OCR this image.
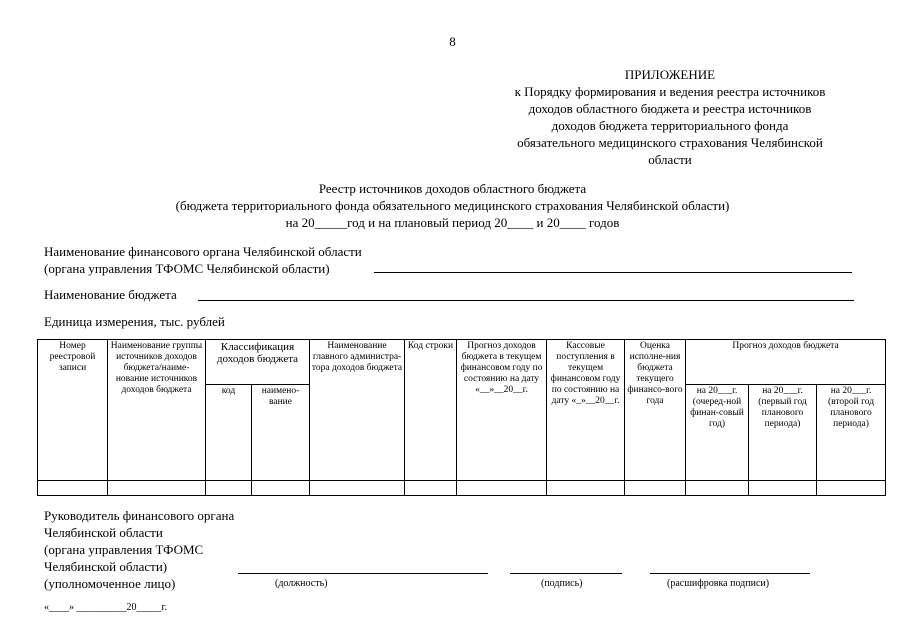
8
ПРИЛОЖЕНИЕ
к Порядку формирования и ведения реестра источников
доходов областного бюджета и реестра источников
доходов бюджета территориального фонда
обязательного медицинского страхования Челябинской
области
Реестр источников доходов областного бюджета
(бюджета территориального фонда обязательного медицинского страхования Челябинской области)
на 20_____год и на плановый период 20____ и 20____ годов
Наименование финансового органа Челябинской области
(органа управления ТФОМС Челябинской области)
Наименование бюджета
Единица измерения, тыс. рублей
Номер реестровой записи	Наименование группы источников доходов бюджета/наиме-нование источников доходов бюджета	Классификация доходов бюджета		Наименование главного администра-тора доходов бюджета	Код строки	Прогноз доходов бюджета в текущем финансовом году по состоянию на дату «__»__20__г.	Кассовые поступления в текущем финансовом году по состоянию на дату «_»__20__г.	Оценка исполне-ния бюджета текущего финансо-вого года	Прогноз доходов бюджета		
		код	наимено-вание						на 20___г. (очеред-ной финан-совый год)	на 20___г. (первый год планового периода)	на 20___г. (второй год планового периода)

Руководитель финансового органа
Челябинской области
(органа управления ТФОМС
Челябинской области)
(уполномоченное лицо)	(должность)	(подпись)	(расшифровка подписи)
«____» __________20_____г.
